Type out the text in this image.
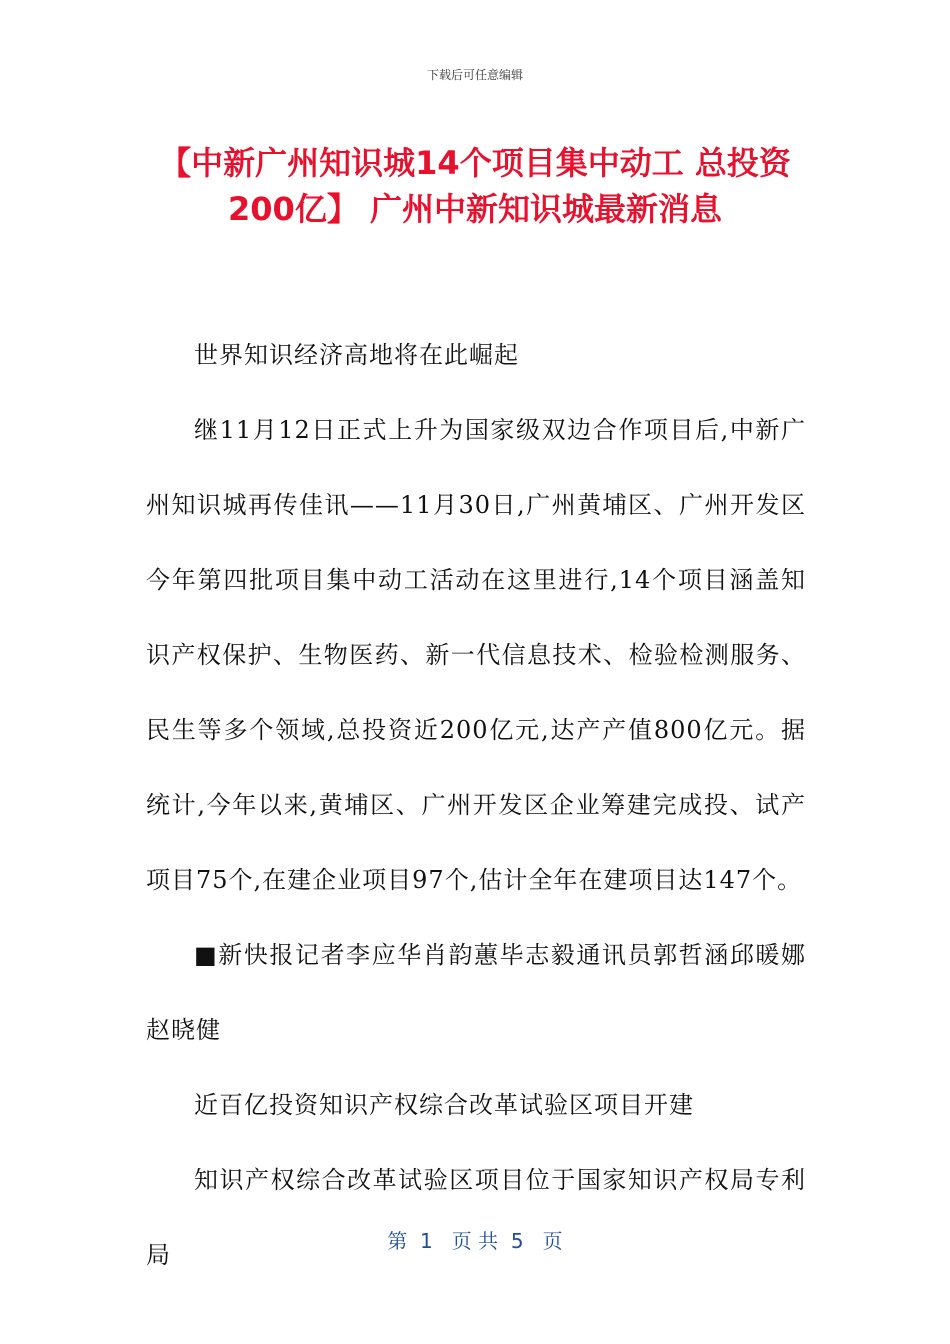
下载后可任意编辑
【中新广州知识城14个项目集中动工 总投资200亿】 广州中新知识城最新消息

世界知识经济高地将在此崛起

继11月12日正式上升为国家级双边合作项目后,中新广州知识城再传佳讯——11月30日,广州黄埔区、广州开发区今年第四批项目集中动工活动在这里进行,14个项目涵盖知识产权保护、生物医药、新一代信息技术、检验检测服务、民生等多个领域,总投资近200亿元,达产产值800亿元。据统计,今年以来,黄埔区、广州开发区企业筹建完成投、试产项目75个,在建企业项目97个,估计全年在建项目达147个。

■新快报记者李应华肖韵蕙毕志毅通讯员郭哲涵邱暖娜赵晓健

近百亿投资知识产权综合改革试验区项目开建

知识产权综合改革试验区项目位于国家知识产权局专利局	第  1   页 共  5   页
